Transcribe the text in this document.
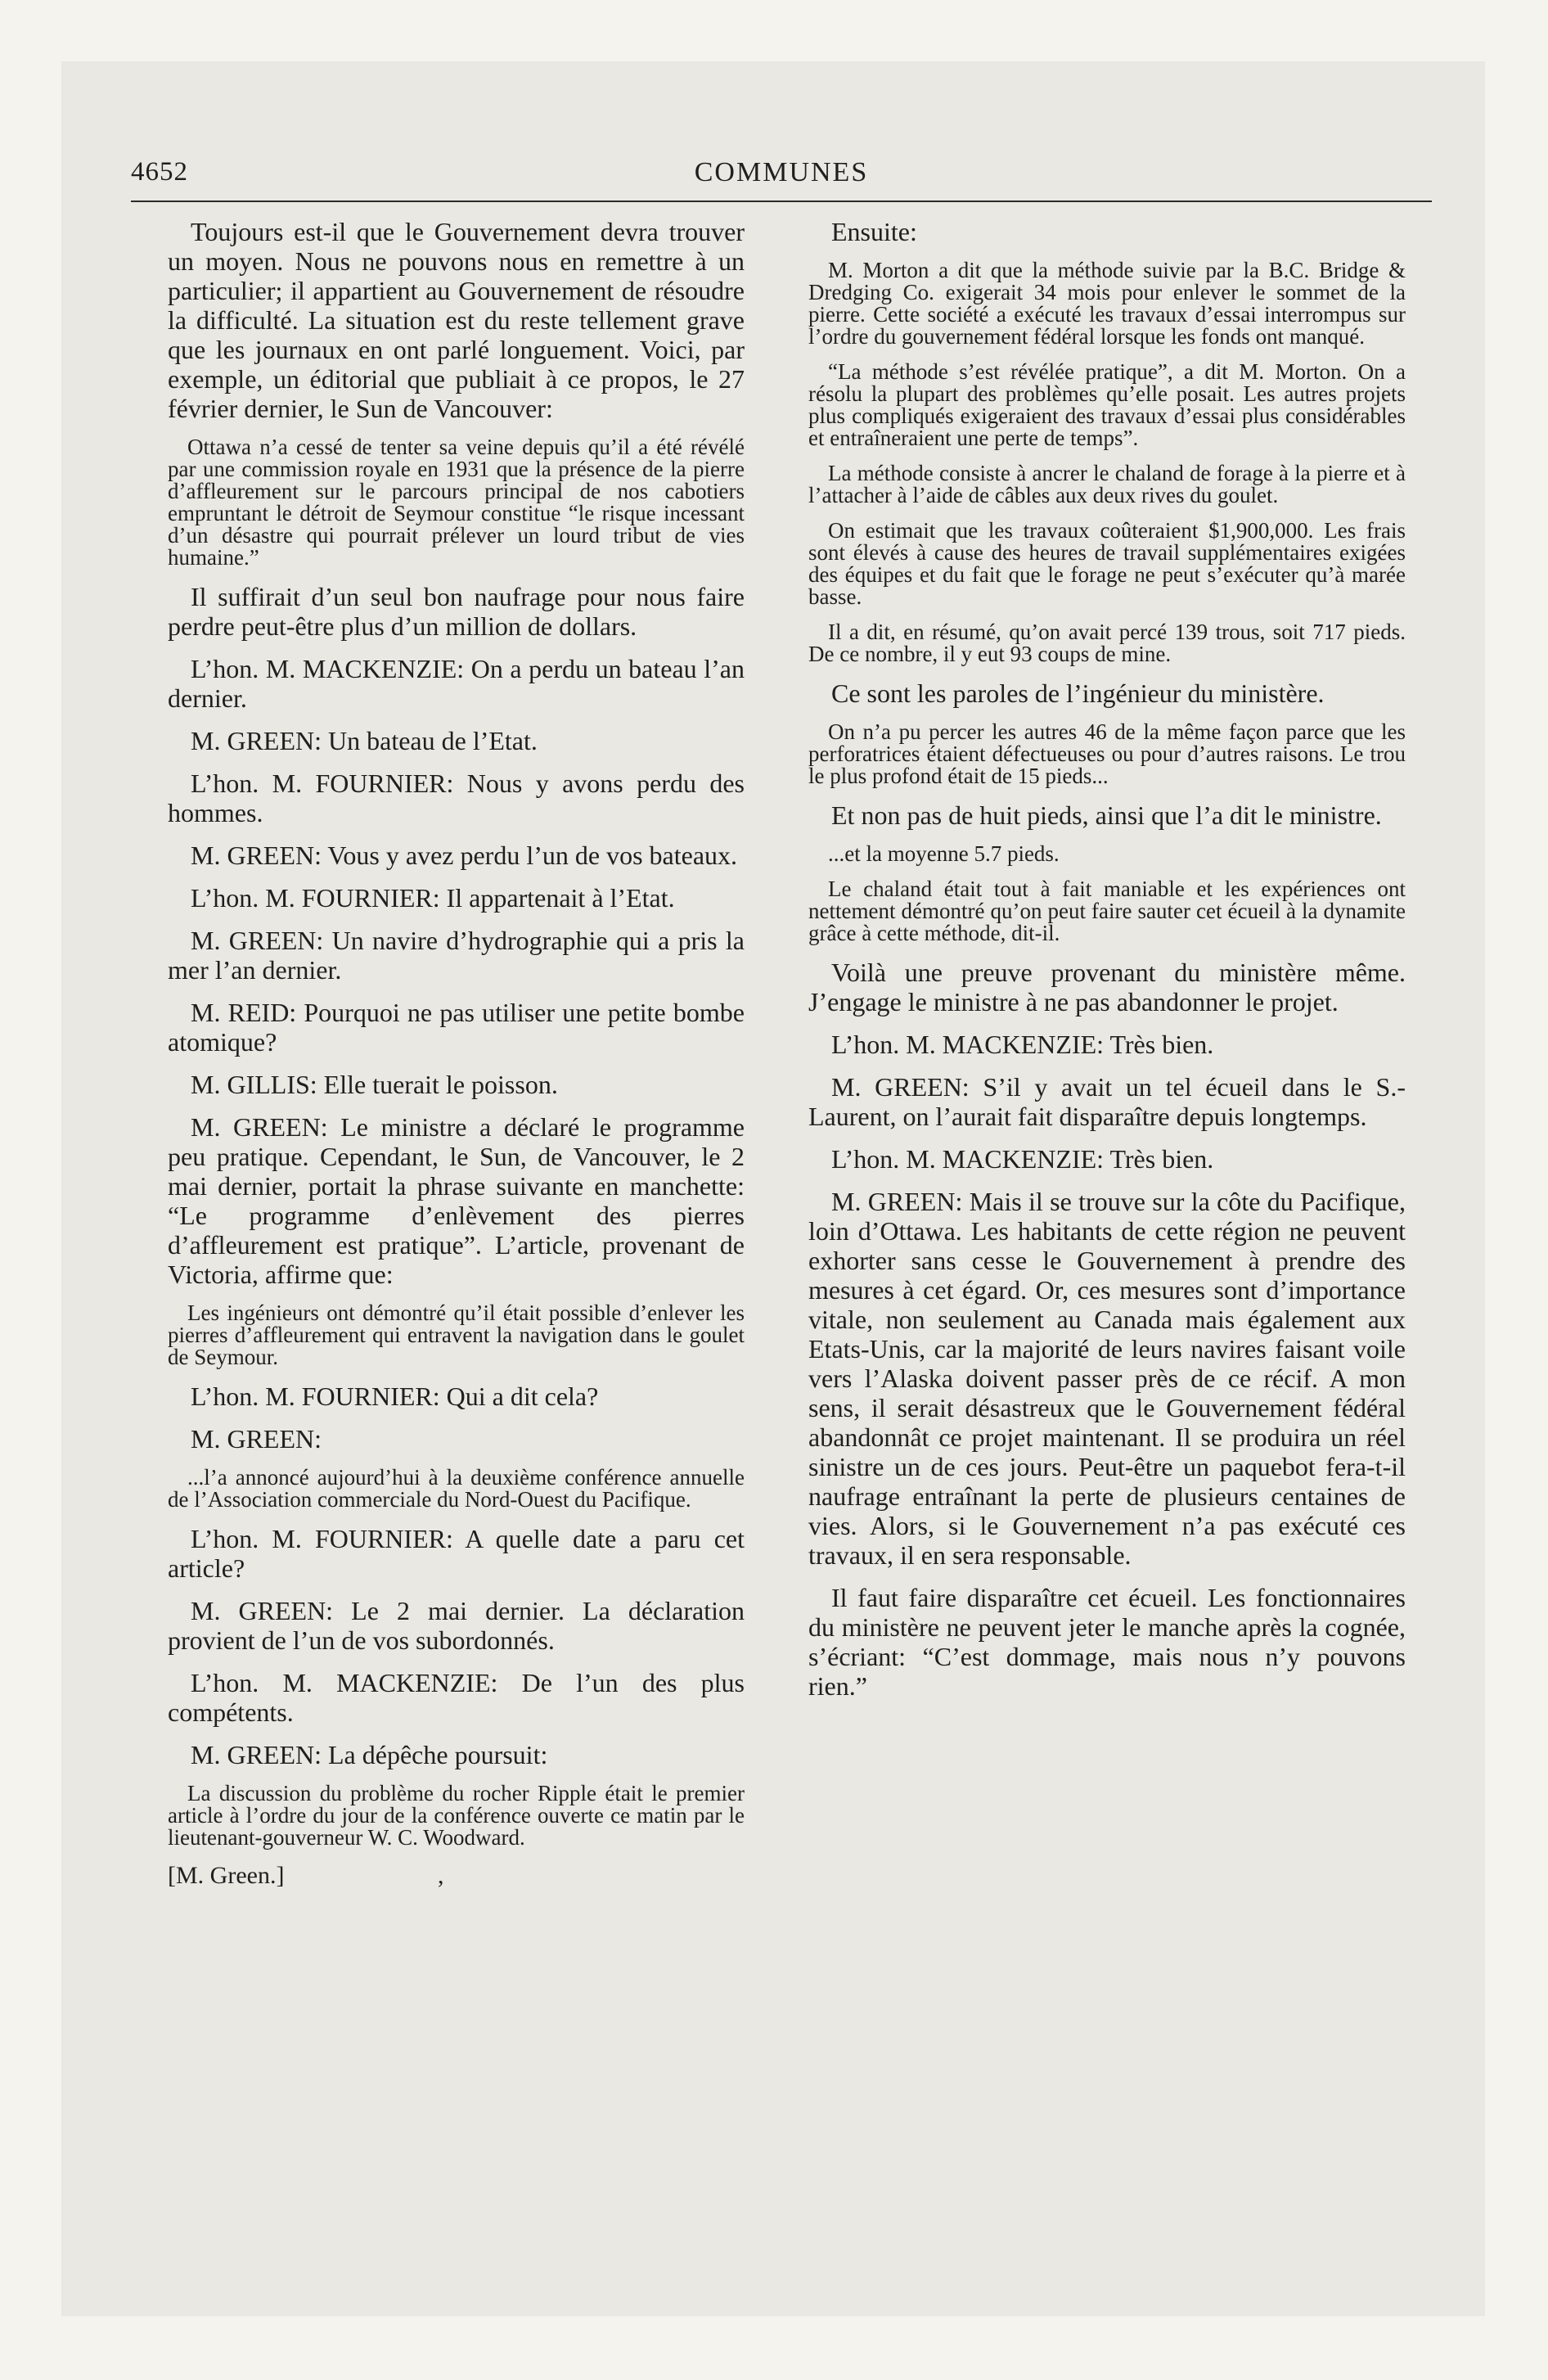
4652	COMMUNES

Toujours est-il que le Gouvernement devra trouver un moyen. Nous ne pouvons nous en remettre à un particulier; il appartient au Gouvernement de résoudre la difficulté. La situation est du reste tellement grave que les journaux en ont parlé longuement. Voici, par exemple, un éditorial que publiait à ce propos, le 27 février dernier, le Sun de Vancouver:

Ottawa n’a cessé de tenter sa veine depuis qu’il a été révélé par une commission royale en 1931 que la présence de la pierre d’affleurement sur le parcours principal de nos cabotiers empruntant le détroit de Seymour constitue “le risque incessant d’un désastre qui pourrait prélever un lourd tribut de vies humaine.”

Il suffirait d’un seul bon naufrage pour nous faire perdre peut-être plus d’un million de dollars.

L’hon. M. MACKENZIE: On a perdu un bateau l’an dernier.

M. GREEN: Un bateau de l’Etat.

L’hon. M. FOURNIER: Nous y avons perdu des hommes.

M. GREEN: Vous y avez perdu l’un de vos bateaux.

L’hon. M. FOURNIER: Il appartenait à l’Etat.

M. GREEN: Un navire d’hydrographie qui a pris la mer l’an dernier.

M. REID: Pourquoi ne pas utiliser une petite bombe atomique?

M. GILLIS: Elle tuerait le poisson.

M. GREEN: Le ministre a déclaré le programme peu pratique. Cependant, le Sun, de Vancouver, le 2 mai dernier, portait la phrase suivante en manchette: “Le programme d’enlèvement des pierres d’affleurement est pratique”. L’article, provenant de Victoria, affirme que:

Les ingénieurs ont démontré qu’il était possible d’enlever les pierres d’affleurement qui entravent la navigation dans le goulet de Seymour.

L’hon. M. FOURNIER: Qui a dit cela?

M. GREEN:

...l’a annoncé aujourd’hui à la deuxième conférence annuelle de l’Association commerciale du Nord-Ouest du Pacifique.

L’hon. M. FOURNIER: A quelle date a paru cet article?

M. GREEN: Le 2 mai dernier. La déclaration provient de l’un de vos subordonnés.

L’hon. M. MACKENZIE: De l’un des plus compétents.

M. GREEN: La dépêche poursuit:

La discussion du problème du rocher Ripple était le premier article à l’ordre du jour de la conférence ouverte ce matin par le lieutenant-gouverneur W. C. Woodward.

[M. Green.]	,

Ensuite:

M. Morton a dit que la méthode suivie par la B.C. Bridge & Dredging Co. exigerait 34 mois pour enlever le sommet de la pierre. Cette société a exécuté les travaux d’essai interrompus sur l’ordre du gouvernement fédéral lorsque les fonds ont manqué.

“La méthode s’est révélée pratique”, a dit M. Morton. On a résolu la plupart des problèmes qu’elle posait. Les autres projets plus compliqués exigeraient des travaux d’essai plus considérables et entraîneraient une perte de temps”.

La méthode consiste à ancrer le chaland de forage à la pierre et à l’attacher à l’aide de câbles aux deux rives du goulet.

On estimait que les travaux coûteraient $1,900,000. Les frais sont élevés à cause des heures de travail supplémentaires exigées des équipes et du fait que le forage ne peut s’exécuter qu’à marée basse.

Il a dit, en résumé, qu’on avait percé 139 trous, soit 717 pieds. De ce nombre, il y eut 93 coups de mine.

Ce sont les paroles de l’ingénieur du ministère.

On n’a pu percer les autres 46 de la même façon parce que les perforatrices étaient défectueuses ou pour d’autres raisons. Le trou le plus profond était de 15 pieds...

Et non pas de huit pieds, ainsi que l’a dit le ministre.

...et la moyenne 5.7 pieds.

Le chaland était tout à fait maniable et les expériences ont nettement démontré qu’on peut faire sauter cet écueil à la dynamite grâce à cette méthode, dit-il.

Voilà une preuve provenant du ministère même. J’engage le ministre à ne pas abandonner le projet.

L’hon. M. MACKENZIE: Très bien.

M. GREEN: S’il y avait un tel écueil dans le S.-Laurent, on l’aurait fait disparaître depuis longtemps.

L’hon. M. MACKENZIE: Très bien.

M. GREEN: Mais il se trouve sur la côte du Pacifique, loin d’Ottawa. Les habitants de cette région ne peuvent exhorter sans cesse le Gouvernement à prendre des mesures à cet égard. Or, ces mesures sont d’importance vitale, non seulement au Canada mais également aux Etats-Unis, car la majorité de leurs navires faisant voile vers l’Alaska doivent passer près de ce récif. A mon sens, il serait désastreux que le Gouvernement fédéral abandonnât ce projet maintenant. Il se produira un réel sinistre un de ces jours. Peut-être un paquebot fera-t-il naufrage entraînant la perte de plusieurs centaines de vies. Alors, si le Gouvernement n’a pas exécuté ces travaux, il en sera responsable.

Il faut faire disparaître cet écueil. Les fonctionnaires du ministère ne peuvent jeter le manche après la cognée, s’écriant: “C’est dommage, mais nous n’y pouvons rien.”
